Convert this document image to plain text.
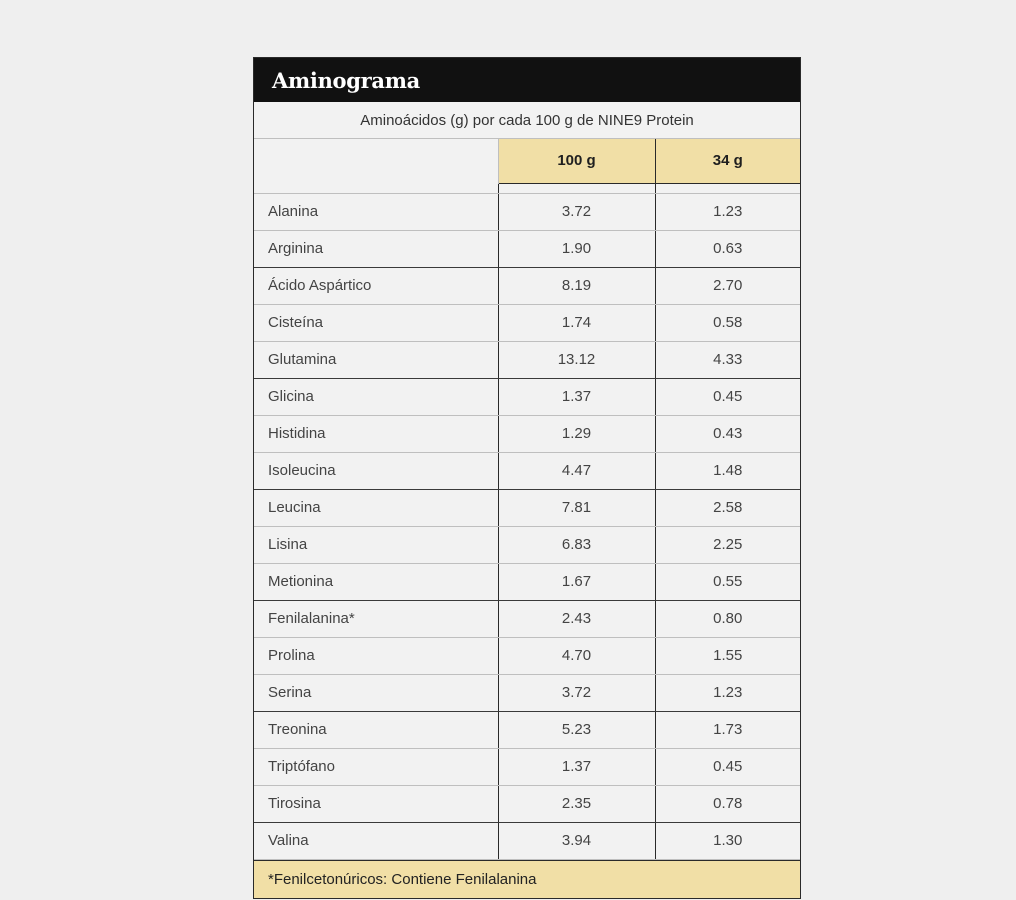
Aminograma
Aminoácidos (g) por cada 100 g de NINE9 Protein
	100 g	34 g

Alanina	3.72	1.23
Arginina	1.90	0.63
Ácido Aspártico	8.19	2.70
Cisteína	1.74	0.58
Glutamina	13.12	4.33
Glicina	1.37	0.45
Histidina	1.29	0.43
Isoleucina	4.47	1.48
Leucina	7.81	2.58
Lisina	6.83	2.25
Metionina	1.67	0.55
Fenilalanina*	2.43	0.80
Prolina	4.70	1.55
Serina	3.72	1.23
Treonina	5.23	1.73
Triptófano	1.37	0.45
Tirosina	2.35	0.78
Valina	3.94	1.30
*Fenilcetonúricos: Contiene Fenilalanina
